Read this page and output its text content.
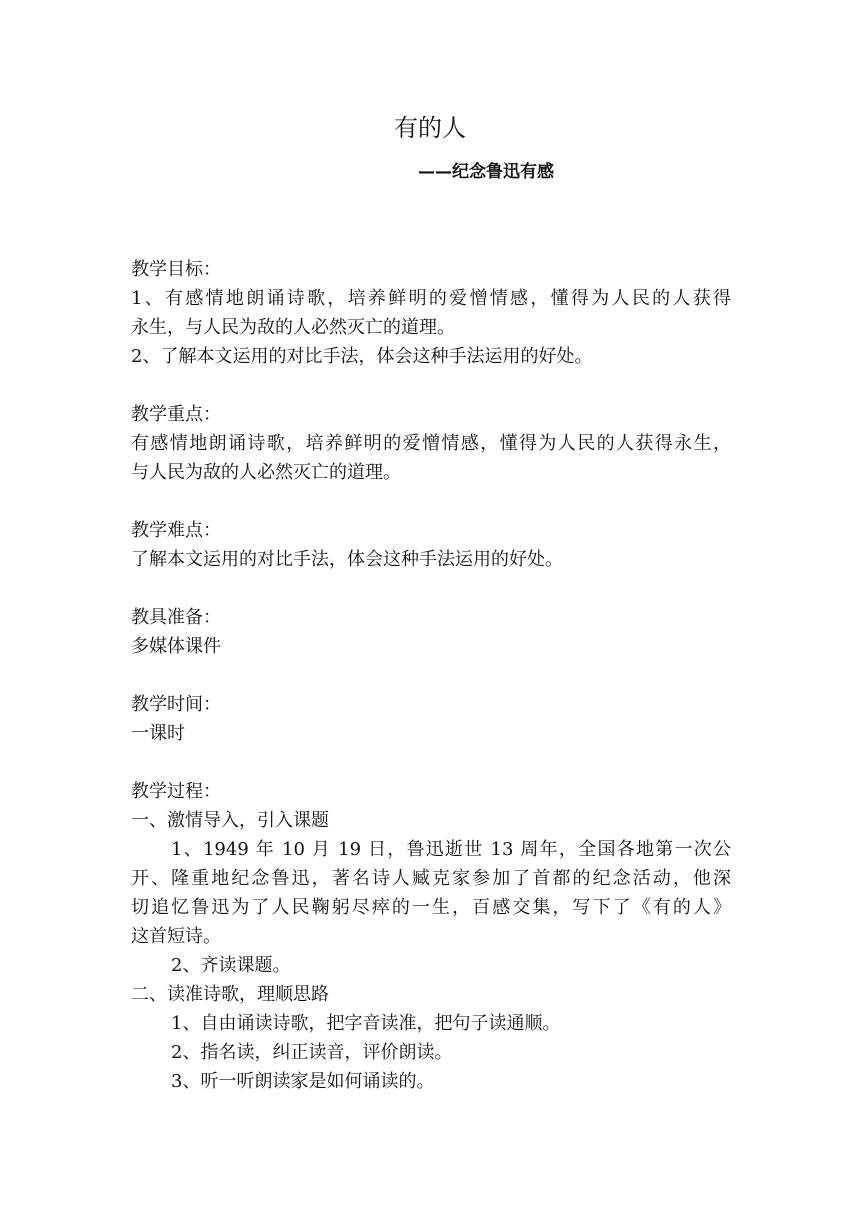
有的人
——纪念鲁迅有感
教学目标：
1、有感情地朗诵诗歌，培养鲜明的爱憎情感，懂得为人民的人获得
永生，与人民为敌的人必然灭亡的道理。
2、了解本文运用的对比手法，体会这种手法运用的好处。
教学重点：
有感情地朗诵诗歌，培养鲜明的爱憎情感，懂得为人民的人获得永生，
与人民为敌的人必然灭亡的道理。
教学难点：
了解本文运用的对比手法，体会这种手法运用的好处。
教具准备：
多媒体课件
教学时间：
一课时
教学过程：
一、激情导入，引入课题
1、1949 年 10 月 19 日，鲁迅逝世 13 周年，全国各地第一次公
开、隆重地纪念鲁迅，著名诗人臧克家参加了首都的纪念活动，他深
切追忆鲁迅为了人民鞠躬尽瘁的一生，百感交集，写下了《有的人》
这首短诗。
2、齐读课题。
二、读准诗歌，理顺思路
1、自由诵读诗歌，把字音读准，把句子读通顺。
2、指名读，纠正读音，评价朗读。
3、听一听朗读家是如何诵读的。
